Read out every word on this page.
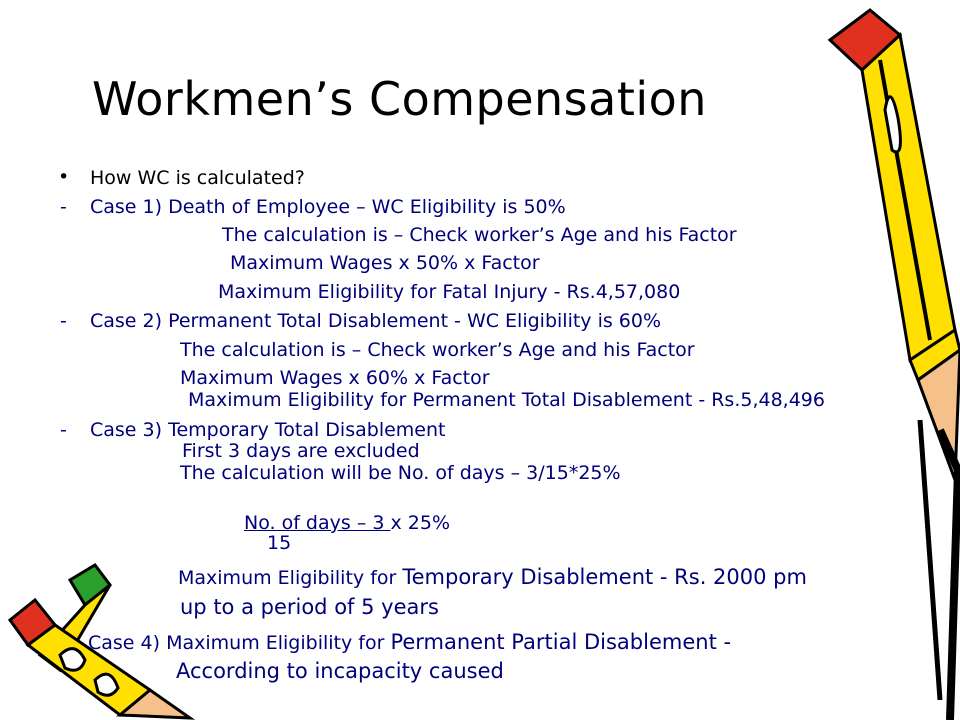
Workmen’s Compensation
• How WC is calculated?
- Case 1) Death of Employee – WC Eligibility is 50%
The calculation is – Check worker’s Age and his Factor
Maximum Wages x 50% x Factor
Maximum Eligibility for Fatal Injury - Rs.4,57,080
- Case 2) Permanent Total Disablement - WC Eligibility is 60%
The calculation is – Check worker’s Age and his Factor
Maximum Wages x 60% x Factor
Maximum Eligibility for Permanent Total Disablement - Rs.5,48,496
- Case 3) Temporary Total Disablement
First 3 days are excluded
The calculation will be No. of days – 3/15*25%
No. of days – 3 x 25%
15
Maximum Eligibility for Temporary Disablement - Rs. 2000 pm
up to a period of 5 years
Case 4) Maximum Eligibility for Permanent Partial Disablement -
According to incapacity caused
